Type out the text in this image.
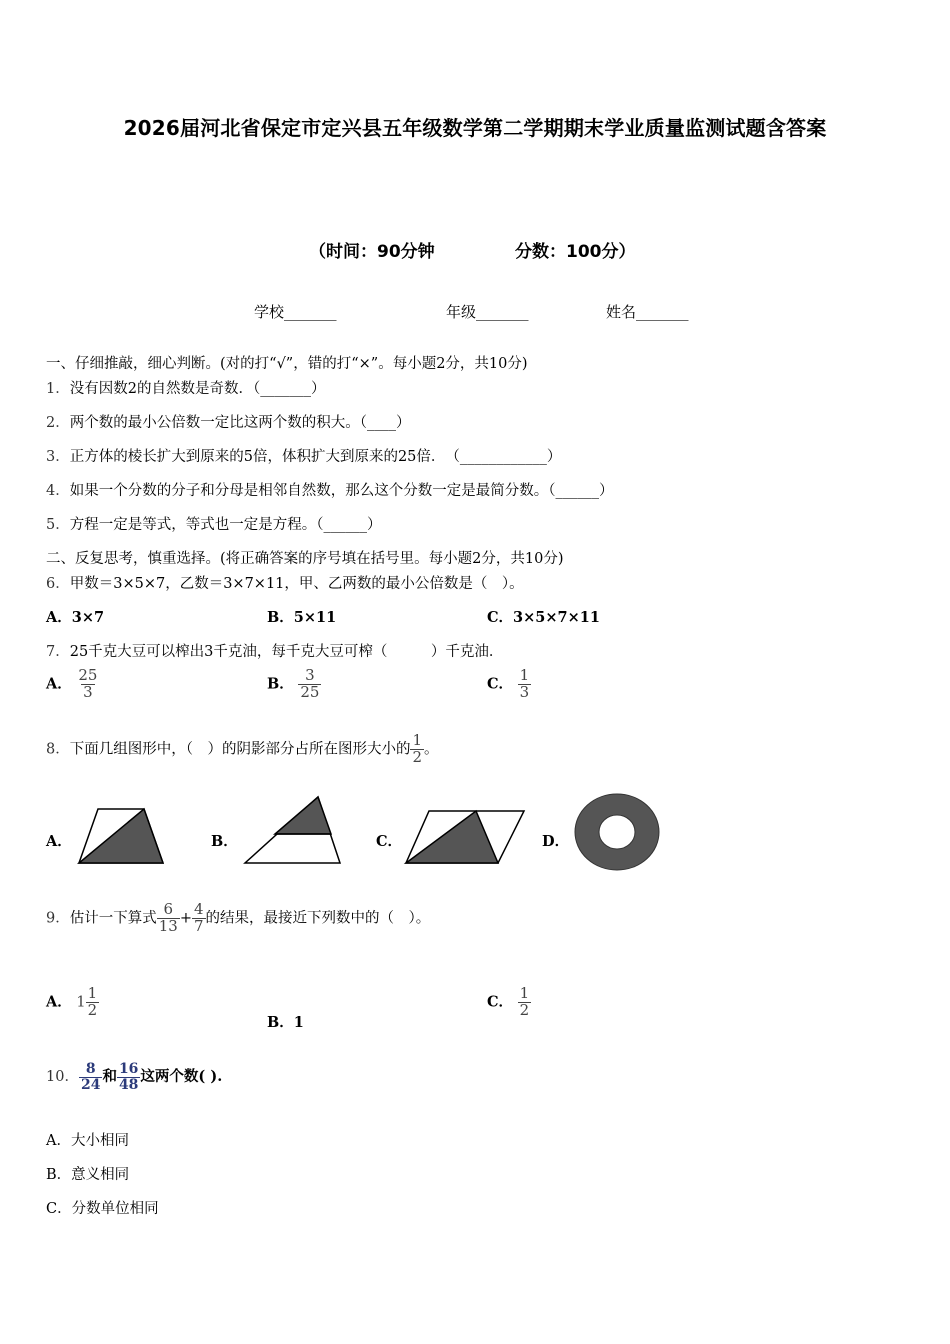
2026届河北省保定市定兴县五年级数学第二学期期末学业质量监测试题含答案
（时间：90分钟	分数：100分）
学校_______	年级_______	姓名_______
一、仔细推敲，细心判断。(对的打“√”，错的打“×”。每小题2分，共10分)
1．没有因数2的自然数是奇数．（_______）
2．两个数的最小公倍数一定比这两个数的积大。（____）
3．正方体的棱长扩大到原来的5倍，体积扩大到原来的25倍．　（____________）
4．如果一个分数的分子和分母是相邻自然数，那么这个分数一定是最简分数。（______）
5．方程一定是等式，等式也一定是方程。（______）
二、反复思考，慎重选择。(将正确答案的序号填在括号里。每小题2分，共10分)
6．甲数＝3×5×7，乙数＝3×7×11，甲、乙两数的最小公倍数是（　）。
A．3×7	B．5×11	C．3×5×7×11
7．25千克大豆可以榨出3千克油，每千克大豆可榨（　　　）千克油．
A． $\frac{25}{3}$	B． $\frac{3}{25}$	C． $\frac{1}{3}$
8．下面几组图形中，（　）的阴影部分占所在图形大小的 $\frac{1}{2}$ 。
A．	B．	C．	D．
9．估计一下算式 $\frac{6}{13} + \frac{4}{7}$ 的结果，最接近下列数中的（　）。
A． $1 \frac{1}{2}$
B．1
C． $\frac{1}{2}$
10． $\frac{8}{24}$ 和 $\frac{16}{48}$ 这两个数( ).
A．大小相同
B．意义相同
C．分数单位相同
